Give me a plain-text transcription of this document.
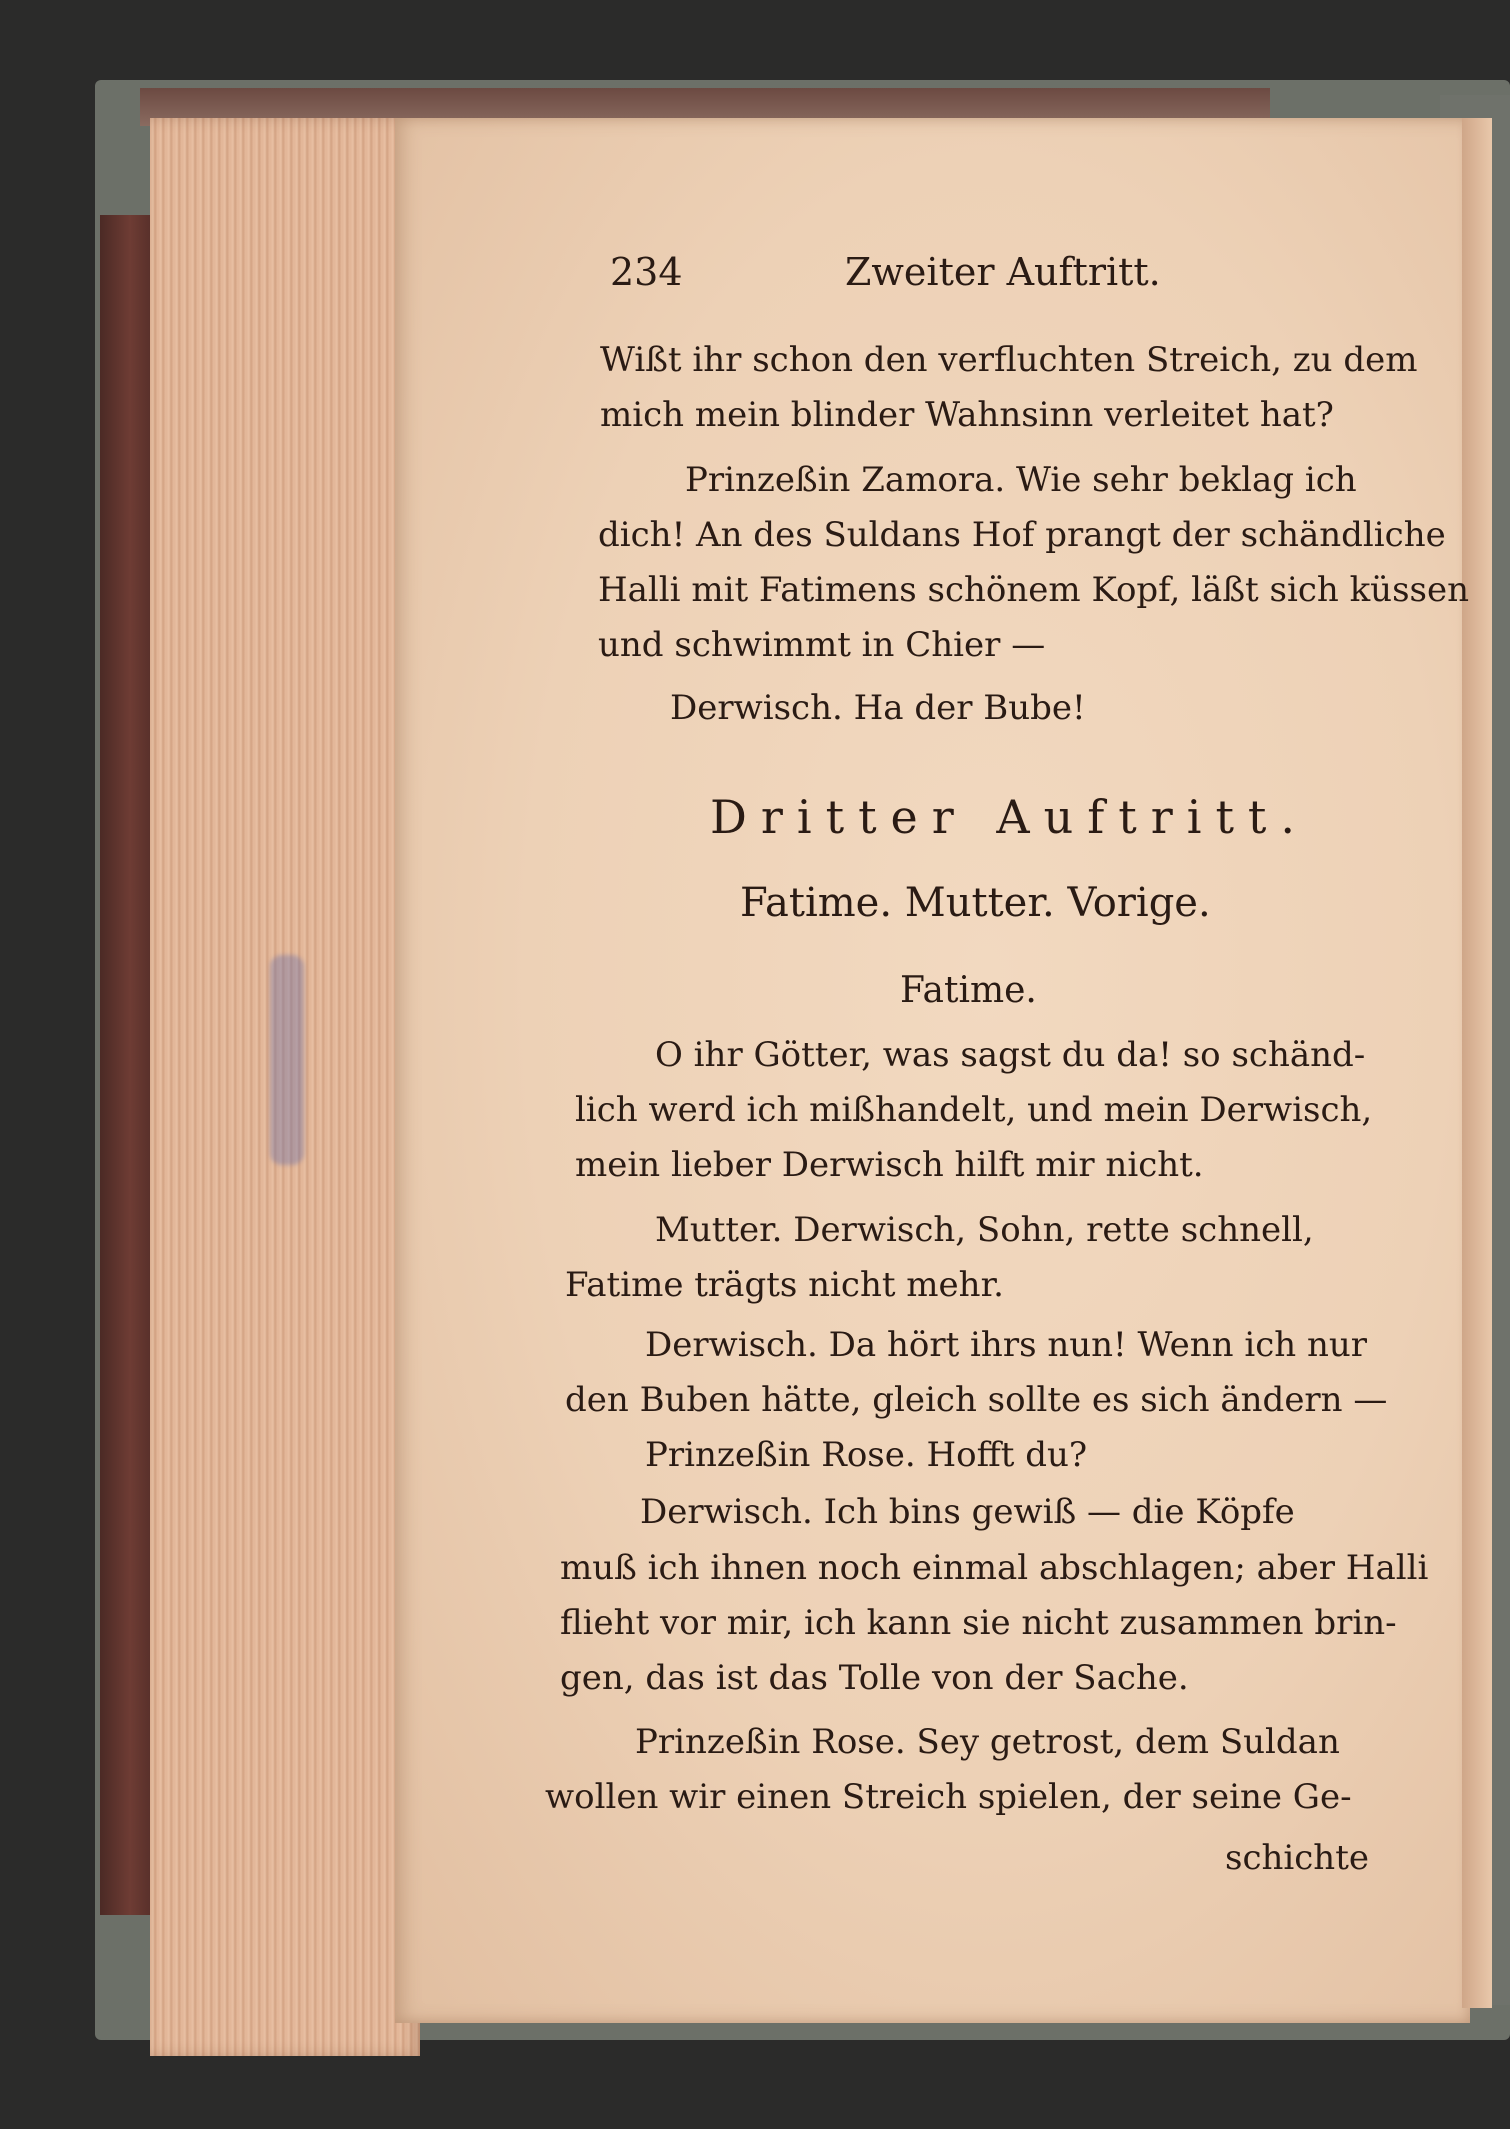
234	Zweiter Auftritt.
Wißt ihr schon den verfluchten Streich, zu dem
mich mein blinder Wahnsinn verleitet hat?
Prinzeßin Zamora. Wie sehr beklag ich
dich! An des Suldans Hof prangt der schändliche
Halli mit Fatimens schönem Kopf, läßt sich küssen
und schwimmt in Chier —
Derwisch. Ha der Bube!
Dritter Auftritt.
Fatime. Mutter. Vorige.
Fatime.
O ihr Götter, was sagst du da! so schänd-
lich werd ich mißhandelt, und mein Derwisch,
mein lieber Derwisch hilft mir nicht.
Mutter. Derwisch, Sohn, rette schnell,
Fatime trägts nicht mehr.
Derwisch. Da hört ihrs nun! Wenn ich nur
den Buben hätte, gleich sollte es sich ändern —
Prinzeßin Rose. Hofft du?
Derwisch. Ich bins gewiß — die Köpfe
muß ich ihnen noch einmal abschlagen; aber Halli
flieht vor mir, ich kann sie nicht zusammen brin-
gen, das ist das Tolle von der Sache.
Prinzeßin Rose. Sey getrost, dem Suldan
wollen wir einen Streich spielen, der seine Ge-
schichte
